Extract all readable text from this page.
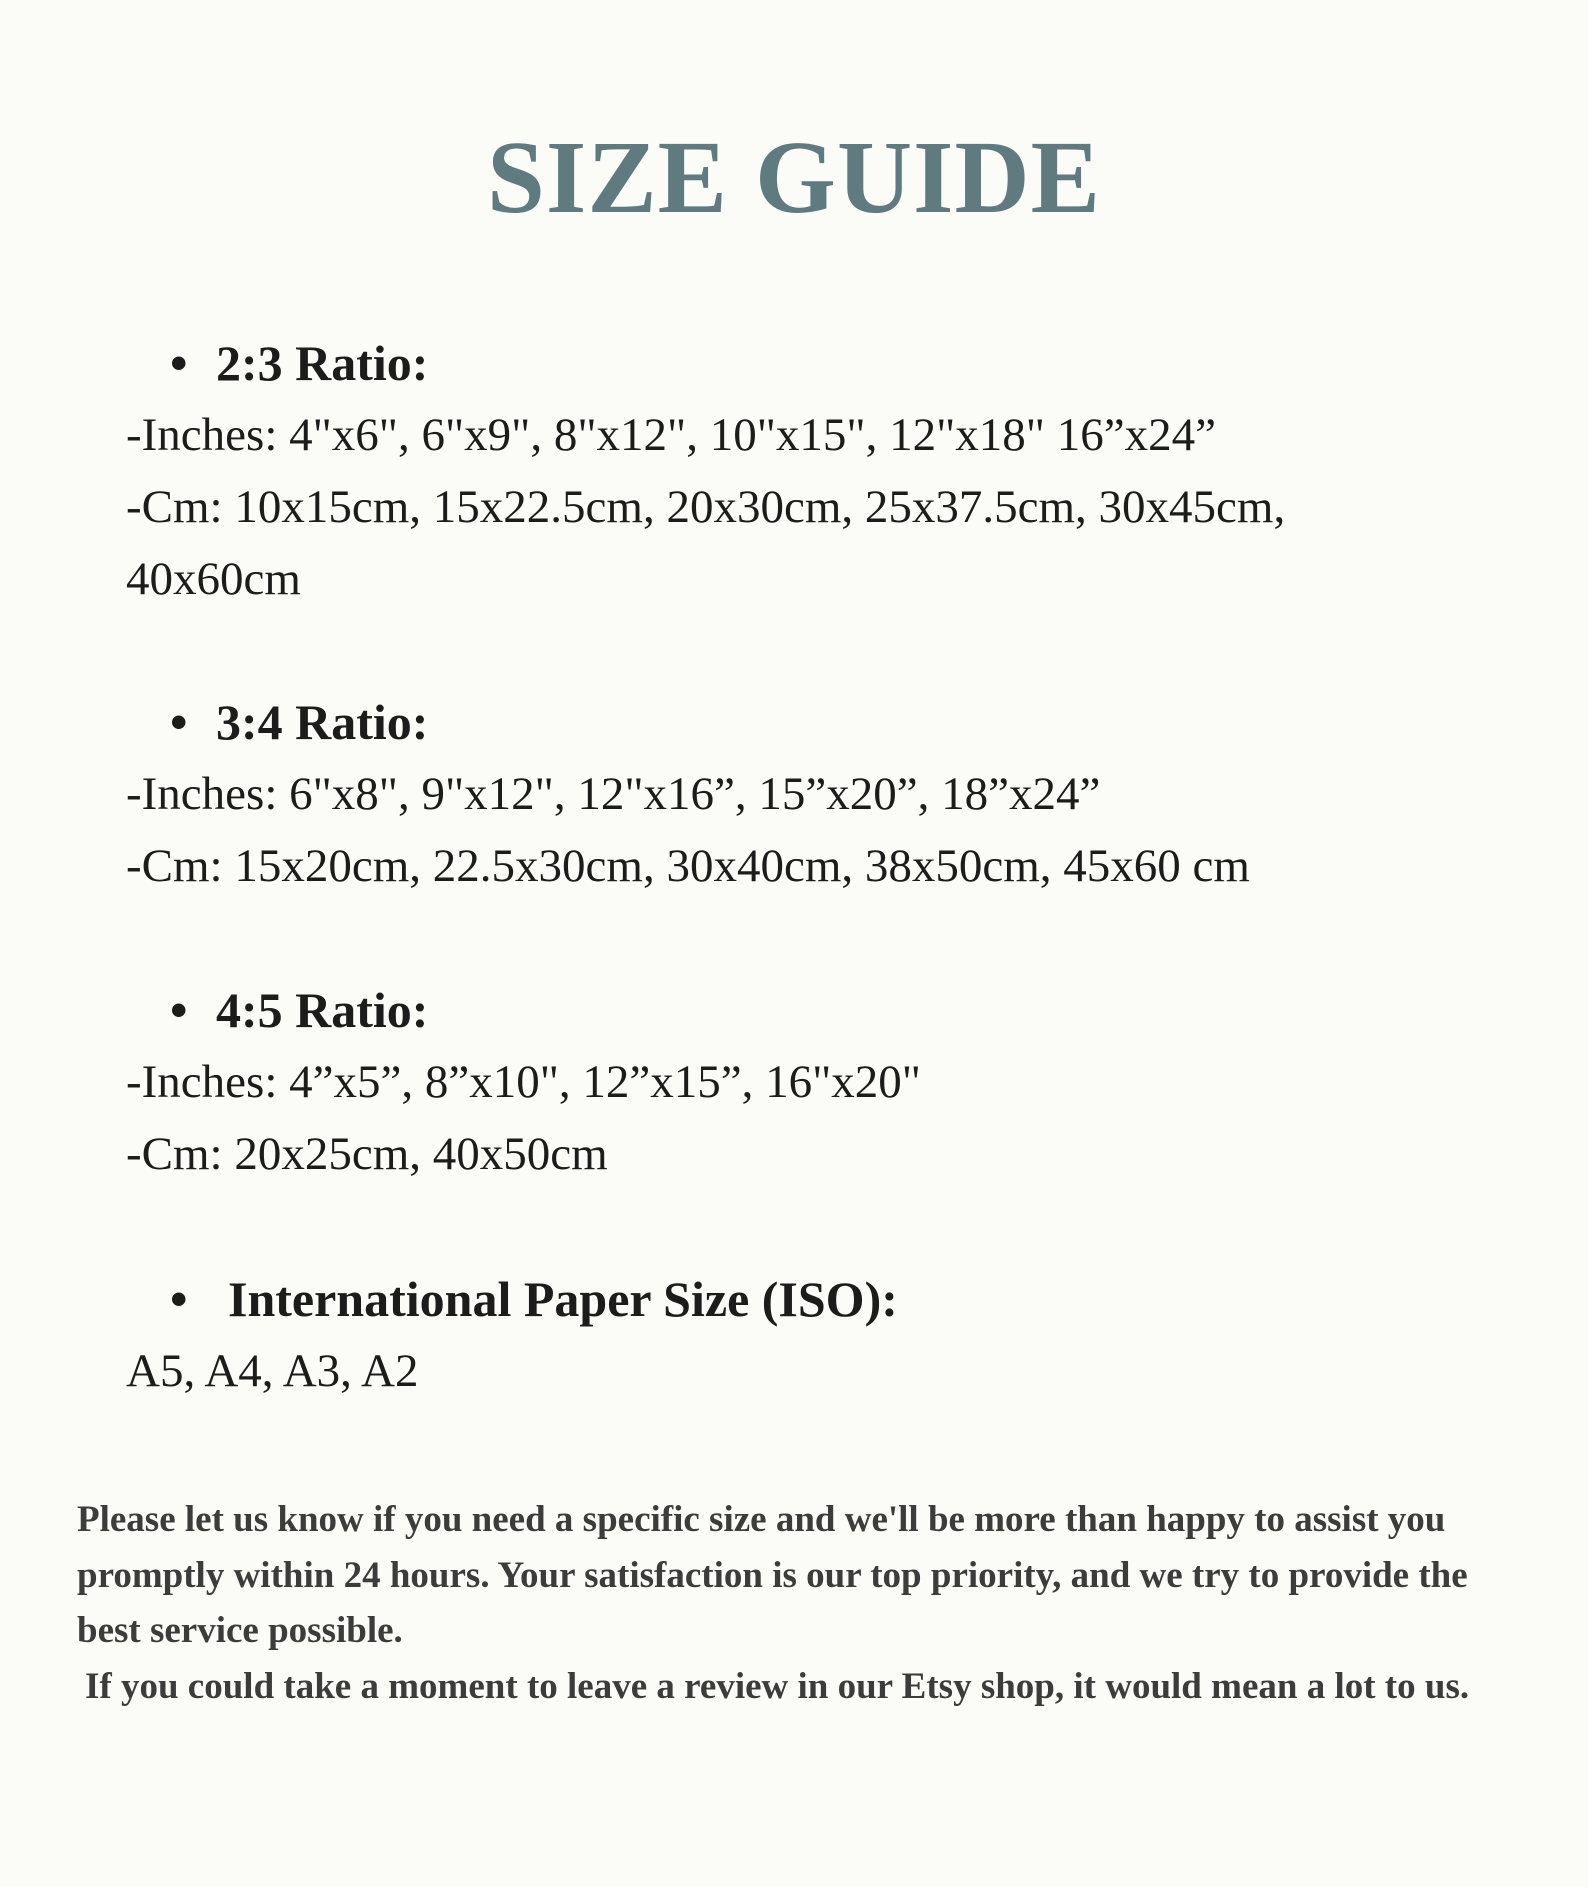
SIZE GUIDE
• 2:3 Ratio:
-Inches: 4"x6", 6"x9", 8"x12", 10"x15", 12"x18" 16”x24”
-Cm: 10x15cm, 15x22.5cm, 20x30cm, 25x37.5cm, 30x45cm,
40x60cm
• 3:4 Ratio:
-Inches: 6"x8", 9"x12", 12"x16”, 15”x20”, 18”x24”
-Cm: 15x20cm, 22.5x30cm, 30x40cm, 38x50cm, 45x60 cm
• 4:5 Ratio:
-Inches: 4”x5”, 8”x10", 12”x15”, 16"x20"
-Cm: 20x25cm, 40x50cm
• International Paper Size (ISO):
A5, A4, A3, A2

Please let us know if you need a specific size and we'll be more than happy to assist you promptly within 24 hours. Your satisfaction is our top priority, and we try to provide the best service possible.

If you could take a moment to leave a review in our Etsy shop, it would mean a lot to us.
